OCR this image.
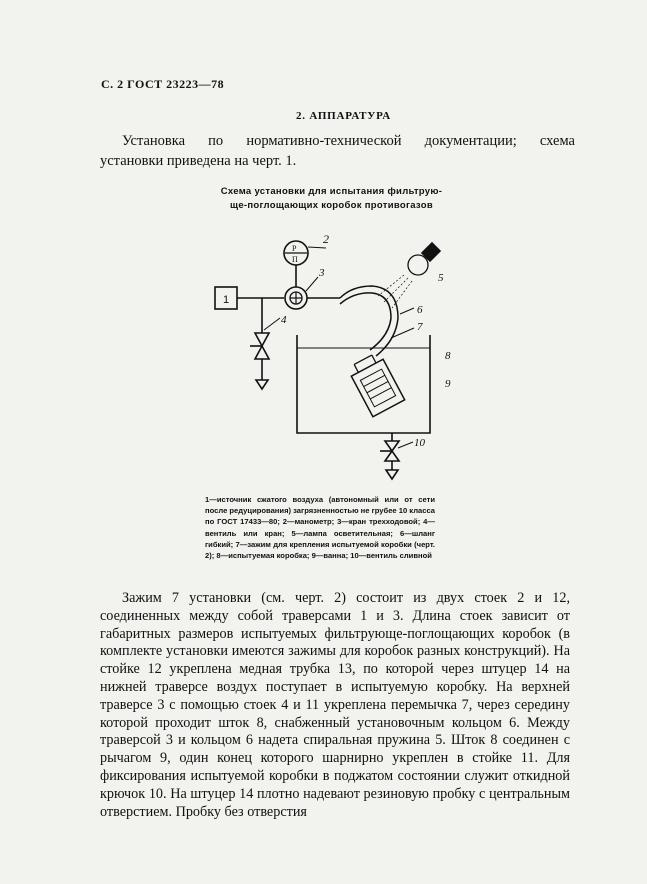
С. 2 ГОСТ 23223—78
2. АППАРАТУРА
Установка по нормативно-технической документации; схема
установки приведена на черт. 1.
Схема установки для испытания фильтрую-
ще-поглощающих коробок противогазов
1
4
P
П
2
3
6
7
5
8
9
10
1—источник сжатого воздуха (автономный или от сети после редуцирования) загрязненностью не грубее 10 класса по ГОСТ 17433—80; 2—манометр; 3—кран трехходовой; 4—вентиль или кран; 5—лампа осветительная; 6—шланг гибкий; 7—зажим для крепления испытуемой коробки (черт. 2); 8—испытуемая коробка; 9—ванна; 10—вентиль сливной

Зажим 7 установки (см. черт. 2) состоит из двух стоек 2 и 12, соединенных между собой траверсами 1 и 3. Длина стоек зависит от габаритных размеров испытуемых фильтрующе-поглощающих коробок (в комплекте установки имеются зажимы для коробок разных конструкций). На стойке 12 укреплена медная трубка 13, по которой через штуцер 14 на нижней траверсе воздух поступает в испытуемую коробку. На верхней траверсе 3 с помощью стоек 4 и 11 укреплена перемычка 7, через середину которой проходит шток 8, снабженный установочным кольцом 6. Между траверсой 3 и кольцом 6 надета спиральная пружина 5. Шток 8 соединен с рычагом 9, один конец которого шарнирно укреплен в стойке 11. Для фиксирования испытуемой коробки в поджатом состоянии служит откидной крючок 10. На штуцер 14 плотно надевают резиновую пробку с центральным отверстием. Пробку без отверстия
